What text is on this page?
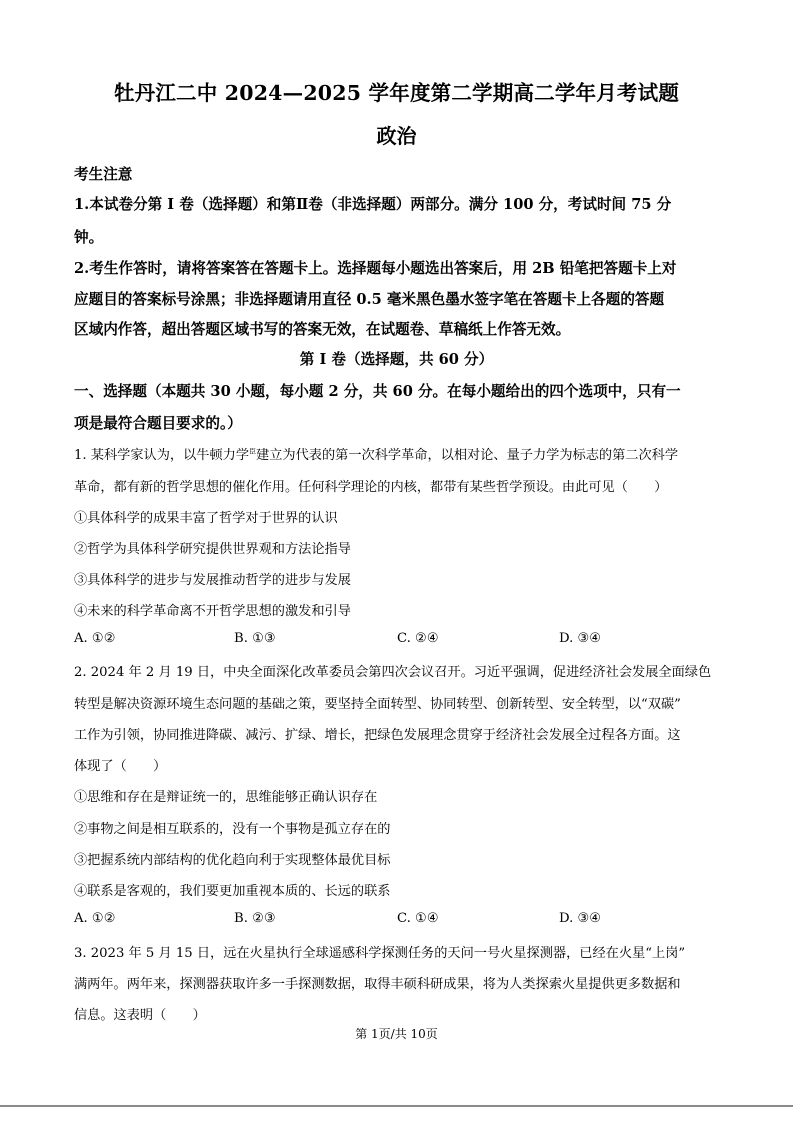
牡丹江二中 2024—2025 学年度第二学期高二学年月考试题
政治
考生注意
1.本试卷分第 I 卷（选择题）和第Ⅱ卷（非选择题）两部分。满分 100 分，考试时间 75 分
钟。
2.考生作答时，请将答案答在答题卡上。选择题每小题选出答案后，用 2B 铅笔把答题卡上对
应题目的答案标号涂黑；非选择题请用直径 0.5 毫米黑色墨水签字笔在答题卡上各题的答题
区域内作答，超出答题区域书写的答案无效，在试题卷、草稿纸上作答无效。
第 I 卷（选择题，共 60 分）
一、选择题（本题共 30 小题，每小题 2 分，共 60 分。在每小题给出的四个选项中，只有一
项是最符合题目要求的。）
1. 某科学家认为，以牛顿力学$^臣$建立为代表的第一次科学革命，以相对论、量子力学为标志的第二次科学
革命，都有新的哲学思想的催化作用。任何科学理论的内核，都带有某些哲学预设。由此可见（　　）
①具体科学的成果丰富了哲学对于世界的认识
②哲学为具体科学研究提供世界观和方法论指导
③具体科学的进步与发展推动哲学的进步与发展
④未来的科学革命离不开哲学思想的激发和引导
A. ①②	B. ①③	C. ②④	D. ③④
2. 2024 年 2 月 19 日，中央全面深化改革委员会第四次会议召开。习近平强调，促进经济社会发展全面绿色
转型是解决资源环境生态问题的基础之策，要坚持全面转型、协同转型、创新转型、安全转型，以“双碳”
工作为引领，协同推进降碳、减污、扩绿、增长，把绿色发展理念贯穿于经济社会发展全过程各方面。这
体现了（　　）
①思维和存在是辩证统一的，思维能够正确认识存在
②事物之间是相互联系的，没有一个事物是孤立存在的
③把握系统内部结构的优化趋向利于实现整体最优目标
④联系是客观的，我们要更加重视本质的、长远的联系
A. ①②	B. ②③	C. ①④	D. ③④
3. 2023 年 5 月 15 日，远在火星执行全球遥感科学探测任务的天问一号火星探测器，已经在火星“上岗”
满两年。两年来，探测器获取许多一手探测数据，取得丰硕科研成果，将为人类探索火星提供更多数据和
信息。这表明（　　）
第 1页/共 10页
